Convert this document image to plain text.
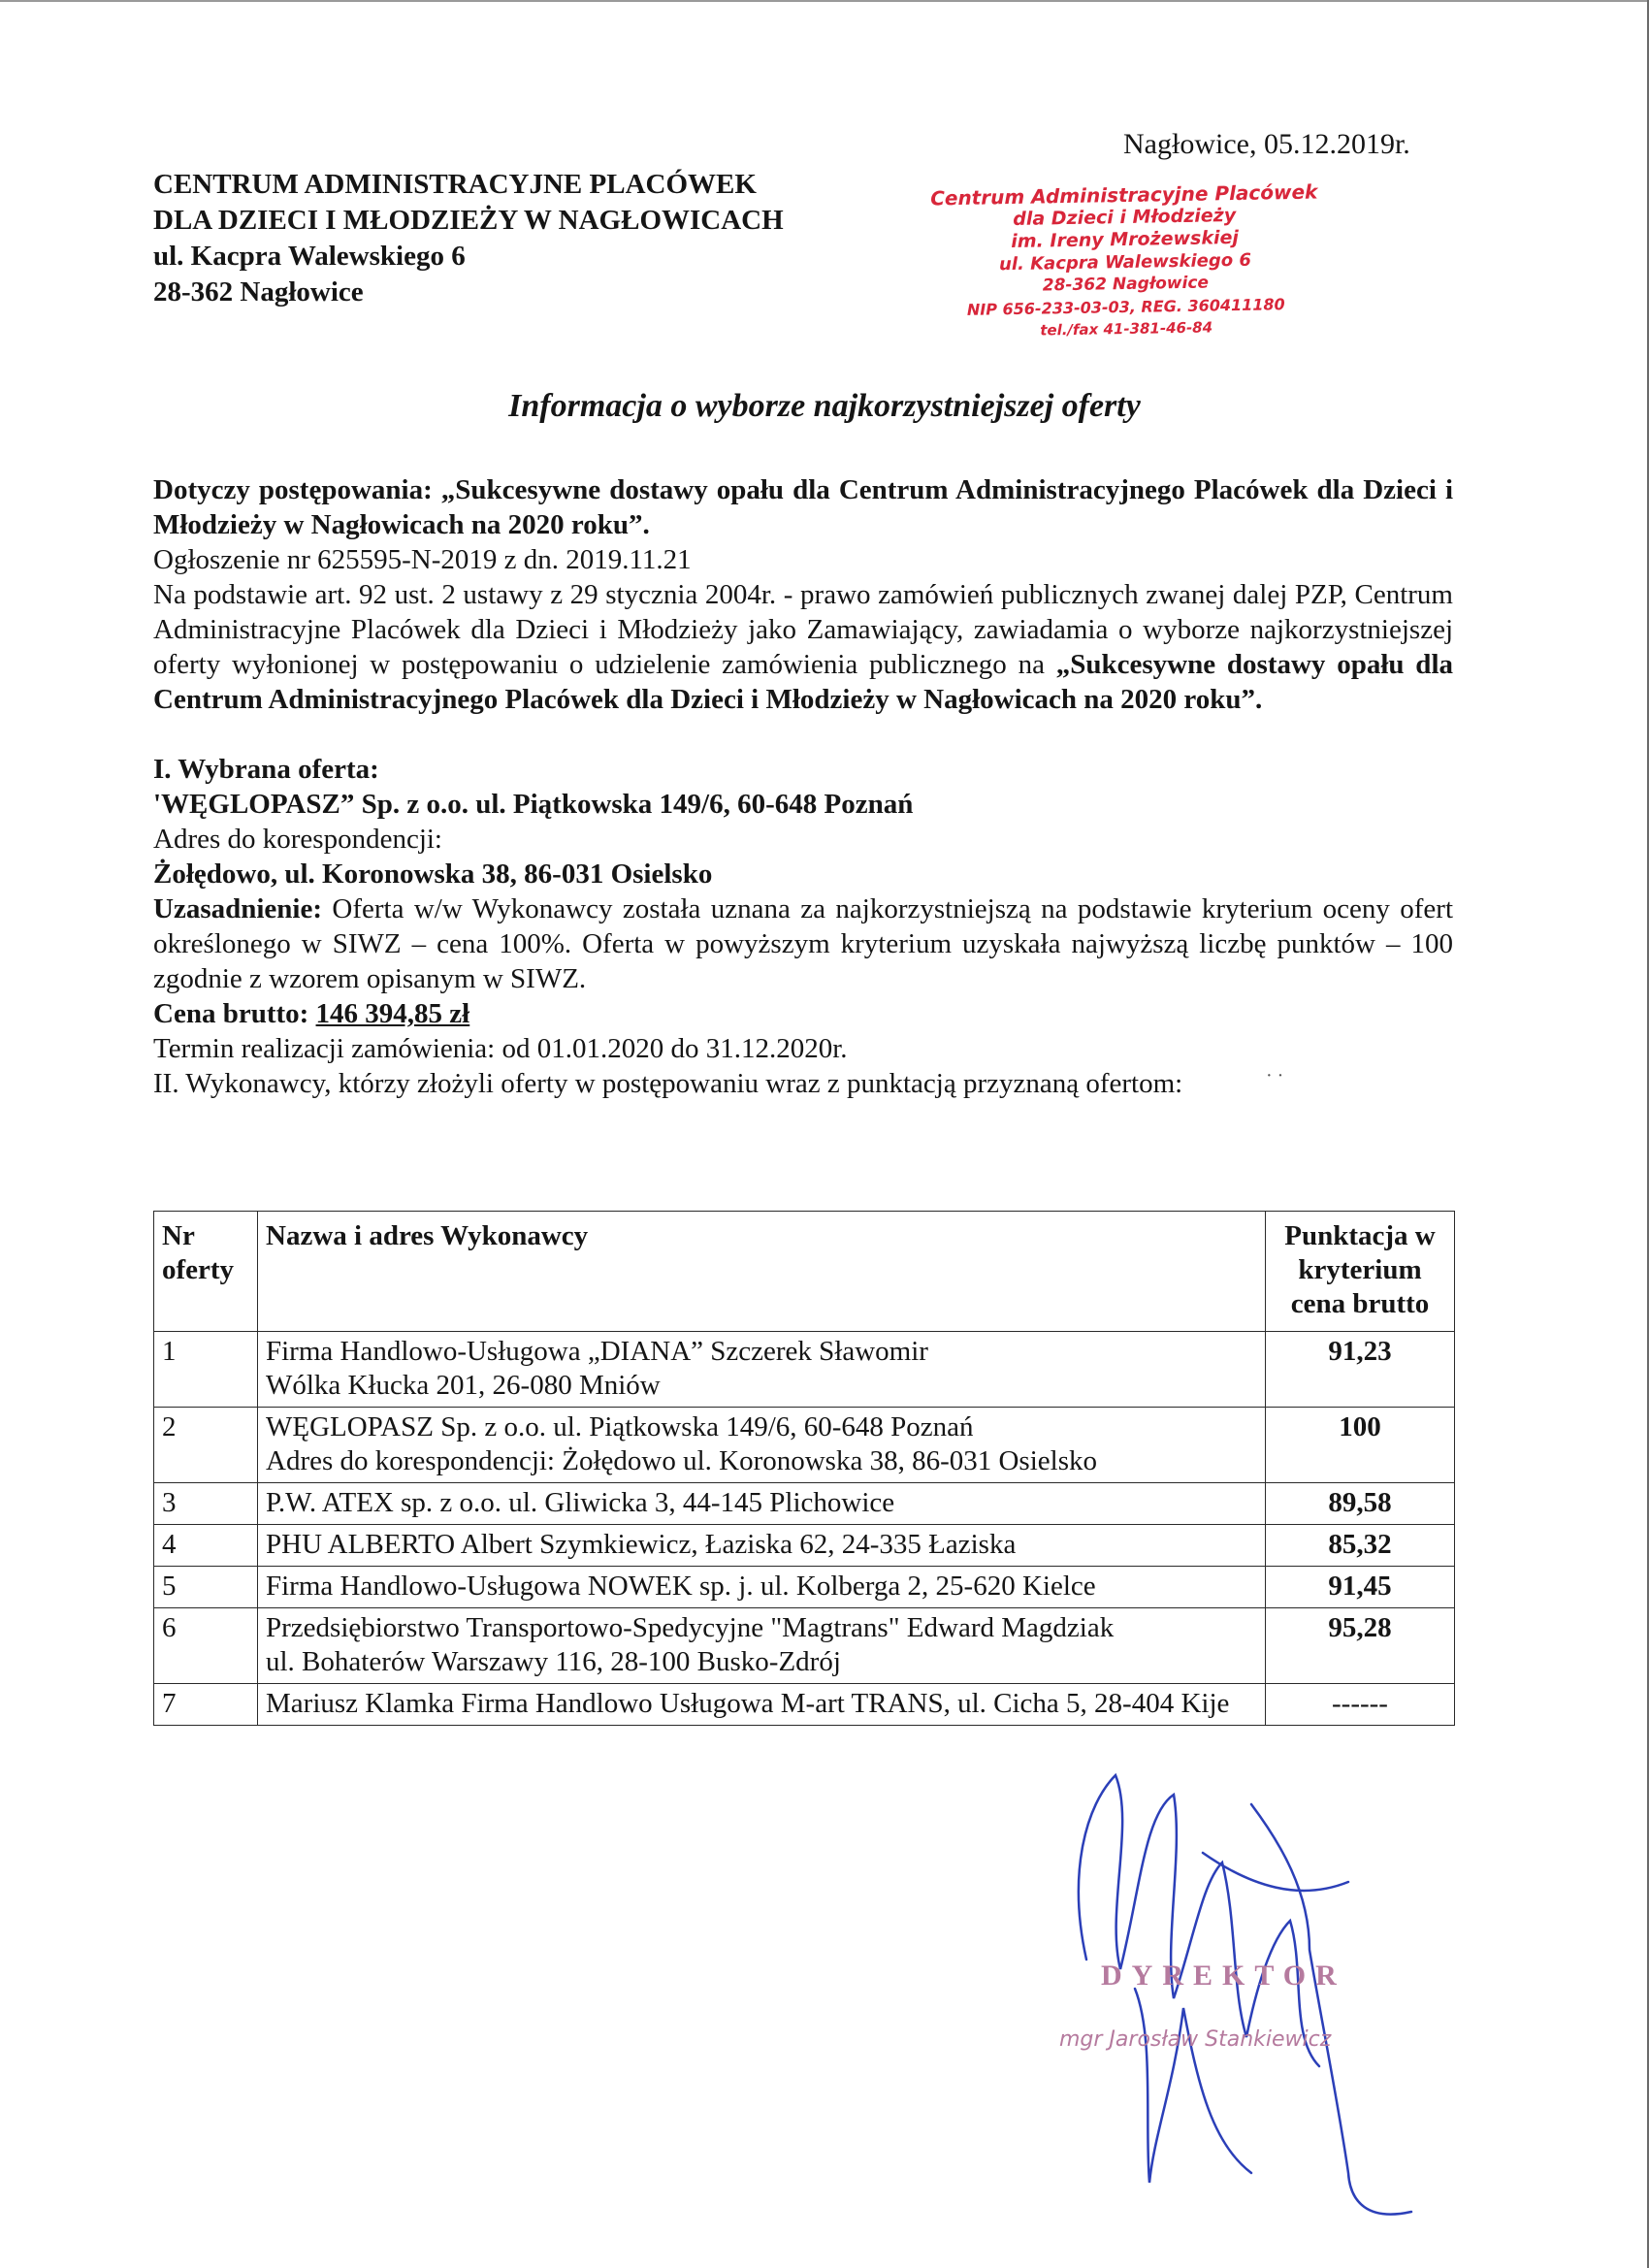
Nagłowice, 05.12.2019r.
CENTRUM ADMINISTRACYJNE PLACÓWEK
DLA DZIECI I MŁODZIEŻY W NAGŁOWICACH
ul. Kacpra Walewskiego 6
28-362 Nagłowice
Centrum Administracyjne Placówek
dla Dzieci i Młodzieży
im. Ireny Mrożewskiej
ul. Kacpra Walewskiego 6
28-362 Nagłowice
NIP 656-233-03-03, REG. 360411180
tel./fax 41-381-46-84
Informacja o wyborze najkorzystniejszej oferty
Dotyczy postępowania: „Sukcesywne dostawy opału dla Centrum Administracyjnego Placówek dla Dzieci i Młodzieży w Nagłowicach na 2020 roku”.
Ogłoszenie nr 625595-N-2019 z dn. 2019.11.21
Na podstawie art. 92 ust. 2 ustawy z 29 stycznia 2004r. - prawo zamówień publicznych zwanej dalej PZP, Centrum Administracyjne Placówek dla Dzieci i Młodzieży jako Zamawiający, zawiadamia o wyborze najkorzystniejszej oferty wyłonionej w postępowaniu o udzielenie zamówienia publicznego na „Sukcesywne dostawy opału dla Centrum Administracyjnego Placówek dla Dzieci i Młodzieży w Nagłowicach na 2020 roku”.
I. Wybrana oferta:
'WĘGLOPASZ” Sp. z o.o. ul. Piątkowska 149/6, 60-648 Poznań
Adres do korespondencji:
Żołędowo, ul. Koronowska 38, 86-031 Osielsko
Uzasadnienie: Oferta w/w Wykonawcy została uznana za najkorzystniejszą na podstawie kryterium oceny ofert określonego w SIWZ – cena 100%. Oferta w powyższym kryterium uzyskała najwyższą liczbę punktów – 100 zgodnie z wzorem opisanym w SIWZ.
Cena brutto: 146 394,85 zł
Termin realizacji zamówienia: od 01.01.2020 do 31.12.2020r.
II. Wykonawcy, którzy złożyli oferty w postępowaniu wraz z punktacją przyznaną ofertom:	· ·
Nr oferty	Nazwa i adres Wykonawcy	Punktacja w kryterium cena brutto
1	Firma Handlowo-Usługowa „DIANA” Szczerek Sławomir
Wólka Kłucka 201, 26-080 Mniów	91,23
2	WĘGLOPASZ Sp. z o.o. ul. Piątkowska 149/6, 60-648 Poznań
Adres do korespondencji: Żołędowo ul. Koronowska 38, 86-031 Osielsko	100
3	P.W. ATEX sp. z o.o. ul. Gliwicka 3, 44-145 Plichowice	89,58
4	PHU ALBERTO Albert Szymkiewicz, Łaziska 62, 24-335 Łaziska	85,32
5	Firma Handlowo-Usługowa NOWEK sp. j. ul. Kolberga 2, 25-620 Kielce	91,45
6	Przedsiębiorstwo Transportowo-Spedycyjne "Magtrans" Edward Magdziak
ul. Bohaterów Warszawy 116, 28-100 Busko-Zdrój	95,28
7	Mariusz Klamka Firma Handlowo Usługowa M-art TRANS, ul. Cicha 5, 28-404 Kije	------
DYREKTOR
mgr Jarosław Stankiewicz
